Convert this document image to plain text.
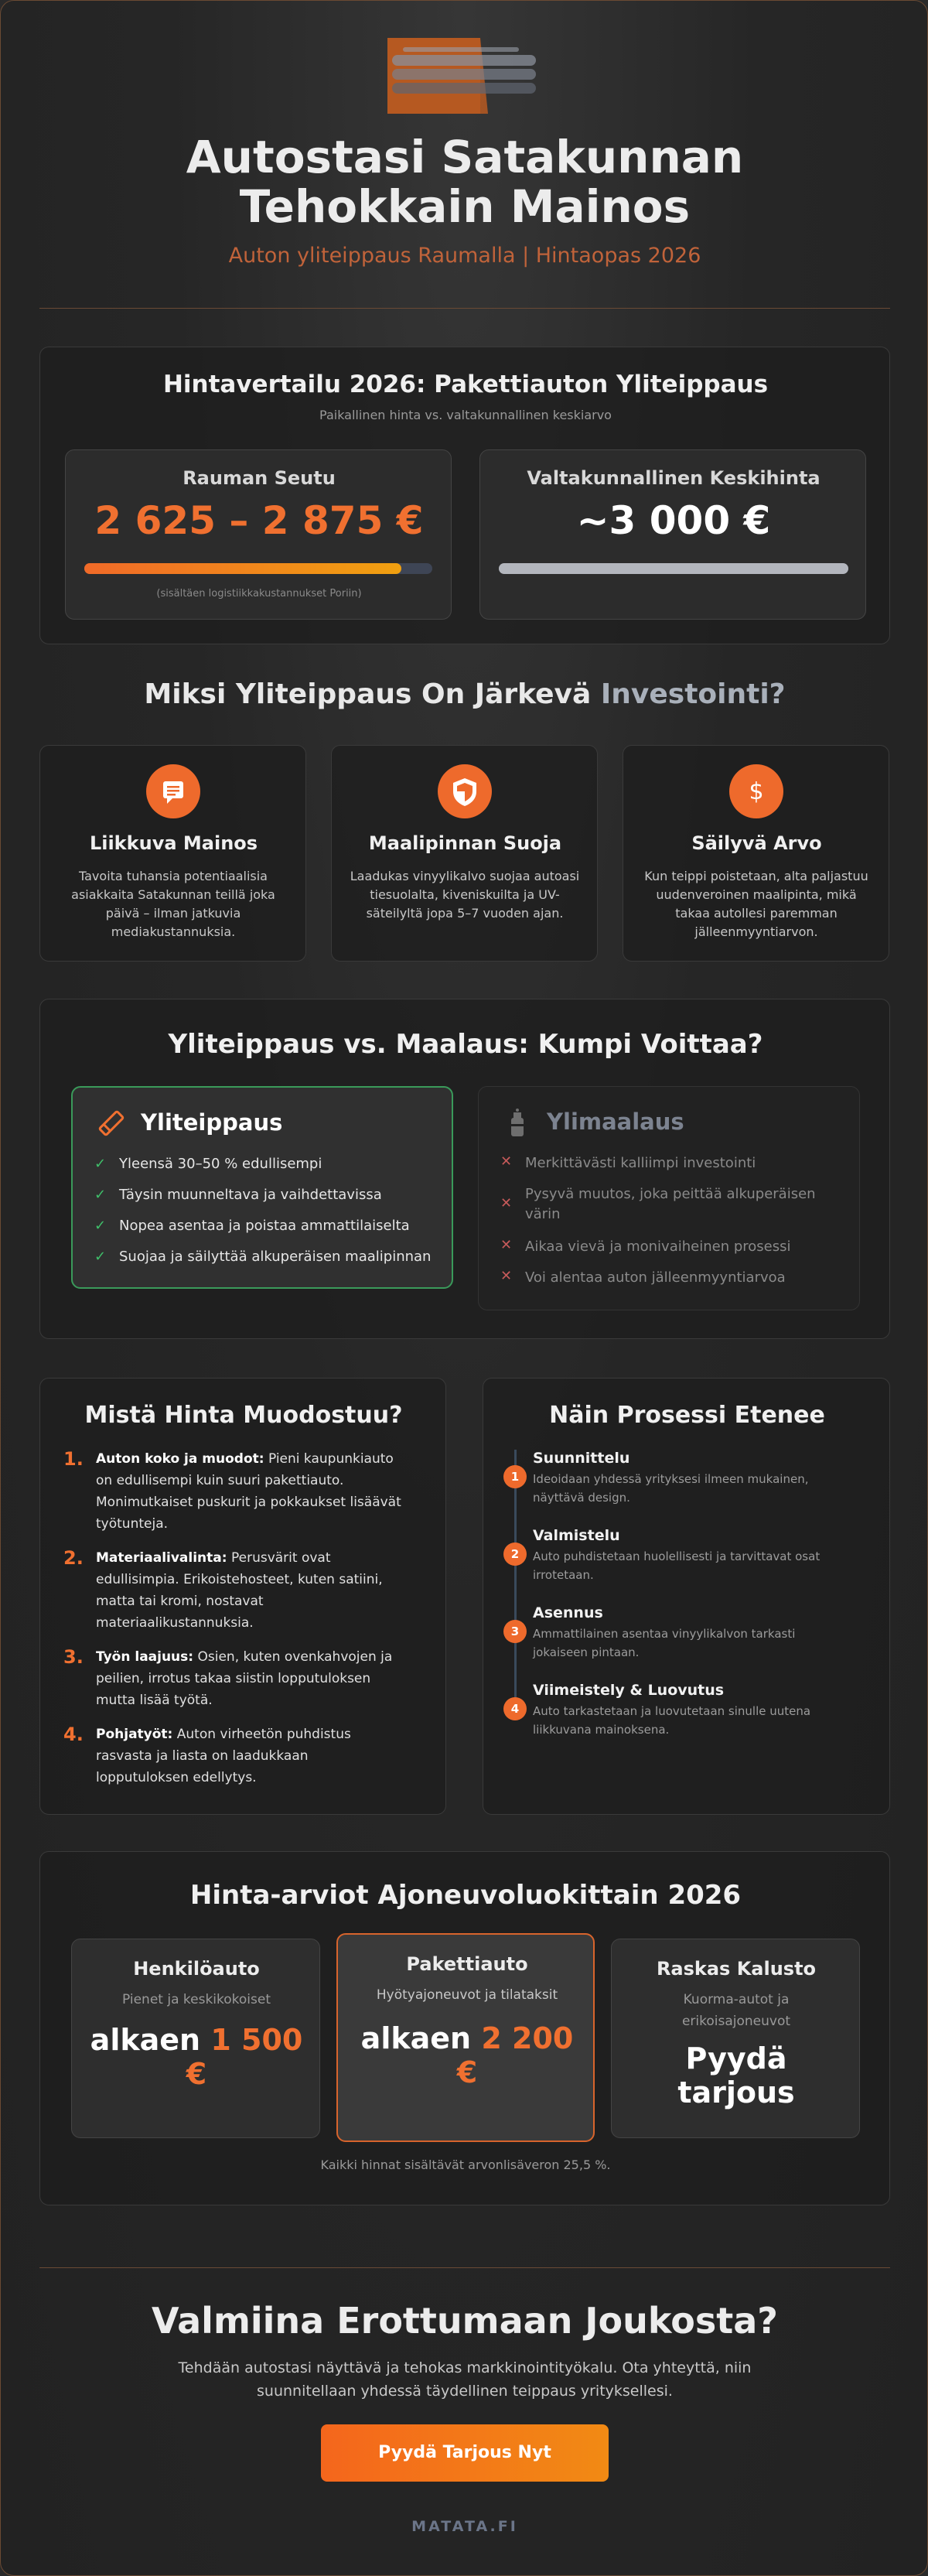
Autostasi Satakunnan
Tehokkain Mainos
Auton yliteippaus Raumalla | Hintaopas 2026
Hintavertailu 2026: Pakettiauton Yliteippaus
Paikallinen hinta vs. valtakunnallinen keskiarvo
Rauman Seutu
2 625 – 2 875 €
(sisältäen logistiikkakustannukset Poriin)
Valtakunnallinen Keskihinta
~3 000 €
Miksi Yliteippaus On Järkevä Investointi?
Liikkuva Mainos
Tavoita tuhansia potentiaalisia asiakkaita Satakunnan teillä joka päivä – ilman jatkuvia mediakustannuksia.
Maalipinnan Suoja
Laadukas vinyylikalvo suojaa autoasi tiesuolalta, kiveniskuilta ja UV-säteilyltä jopa 5–7 vuoden ajan.
$
Säilyvä Arvo
Kun teippi poistetaan, alta paljastuu uudenveroinen maalipinta, mikä takaa autollesi paremman jälleenmyyntiarvon.
Yliteippaus vs. Maalaus: Kumpi Voittaa?
Yliteippaus
✓ Yleensä 30–50 % edullisempi
✓ Täysin muunneltava ja vaihdettavissa
✓ Nopea asentaa ja poistaa ammattilaiselta
✓ Suojaa ja säilyttää alkuperäisen maalipinnan
Ylimaalaus
✕ Merkittävästi kalliimpi investointi
✕
Pysyvä muutos, joka peittää alkuperäisen värin
✕ Aikaa vievä ja monivaiheinen prosessi
✕ Voi alentaa auton jälleenmyyntiarvoa
Mistä Hinta Muodostuu?
1. Auton koko ja muodot: Pieni kaupunkiauto
on edullisempi kuin suuri pakettiauto.
Monimutkaiset puskurit ja pokkaukset lisäävät
työtunteja.
2. Materiaalivalinta: Perusvärit ovat
edullisimpia. Erikoistehosteet, kuten satiini,
matta tai kromi, nostavat
materiaalikustannuksia.
3. Työn laajuus: Osien, kuten ovenkahvojen ja
peilien, irrotus takaa siistin lopputuloksen
mutta lisää työtä.
4. Pohjatyöt: Auton virheetön puhdistus
rasvasta ja liasta on laadukkaan
lopputuloksen edellytys.
Näin Prosessi Etenee
1
Suunnittelu
Ideoidaan yhdessä yrityksesi ilmeen mukainen,
näyttävä design.
2
Valmistelu
Auto puhdistetaan huolellisesti ja tarvittavat osat
irrotetaan.
3
Asennus
Ammattilainen asentaa vinyylikalvon tarkasti
jokaiseen pintaan.
4
Viimeistely & Luovutus
Auto tarkastetaan ja luovutetaan sinulle uutena
liikkuvana mainoksena.
Hinta-arviot Ajoneuvoluokittain 2026
Henkilöauto
Pienet ja keskikokoiset
alkaen 1 500
€
Pakettiauto
Hyötyajoneuvot ja tilataksit
alkaen 2 200
€
Raskas Kalusto
Kuorma-autot ja
erikoisajoneuvot
Pyydä
tarjous
Kaikki hinnat sisältävät arvonlisäveron 25,5 %.
Valmiina Erottumaan Joukosta?
Tehdään autostasi näyttävä ja tehokas markkinointityökalu. Ota yhteyttä, niin
suunnitellaan yhdessä täydellinen teippaus yrityksellesi.
Pyydä Tarjous Nyt
MATATA.FI
